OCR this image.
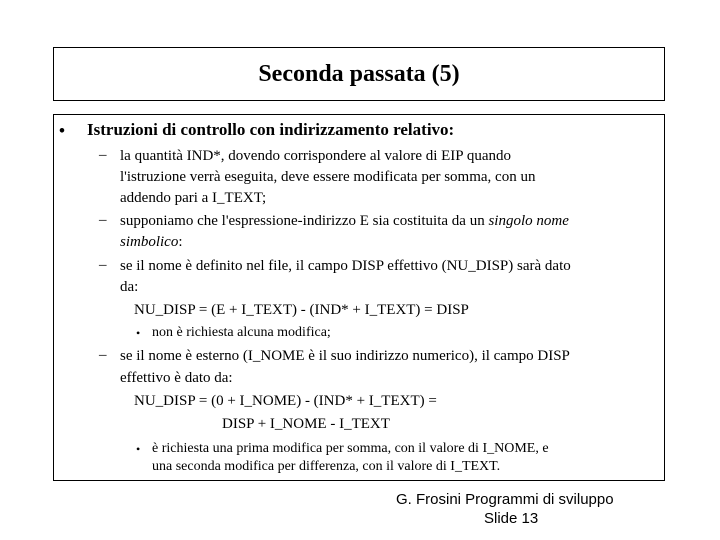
Seconda passata (5)
• Istruzioni di controllo con indirizzamento relativo:
– la quantità IND*, dovendo corrispondere al valore di EIP quando
l'istruzione verrà eseguita, deve essere modificata per somma, con un
addendo pari a I_TEXT;
– supponiamo che l'espressione-indirizzo E sia costituita da un singolo nome
simbolico:
– se il nome è definito nel file, il campo DISP effettivo (NU_DISP) sarà dato
da:
NU_DISP = (E + I_TEXT) - (IND* + I_TEXT) = DISP
• non è richiesta alcuna modifica;
– se il nome è esterno (I_NOME è il suo indirizzo numerico), il campo DISP
effettivo è dato da:
NU_DISP = (0 + I_NOME) - (IND* + I_TEXT) =
DISP + I_NOME - I_TEXT
• è richiesta una prima modifica per somma, con il valore di I_NOME, e
una seconda modifica per differenza, con il valore di I_TEXT.
G. Frosini Programmi di sviluppo
Slide 13
